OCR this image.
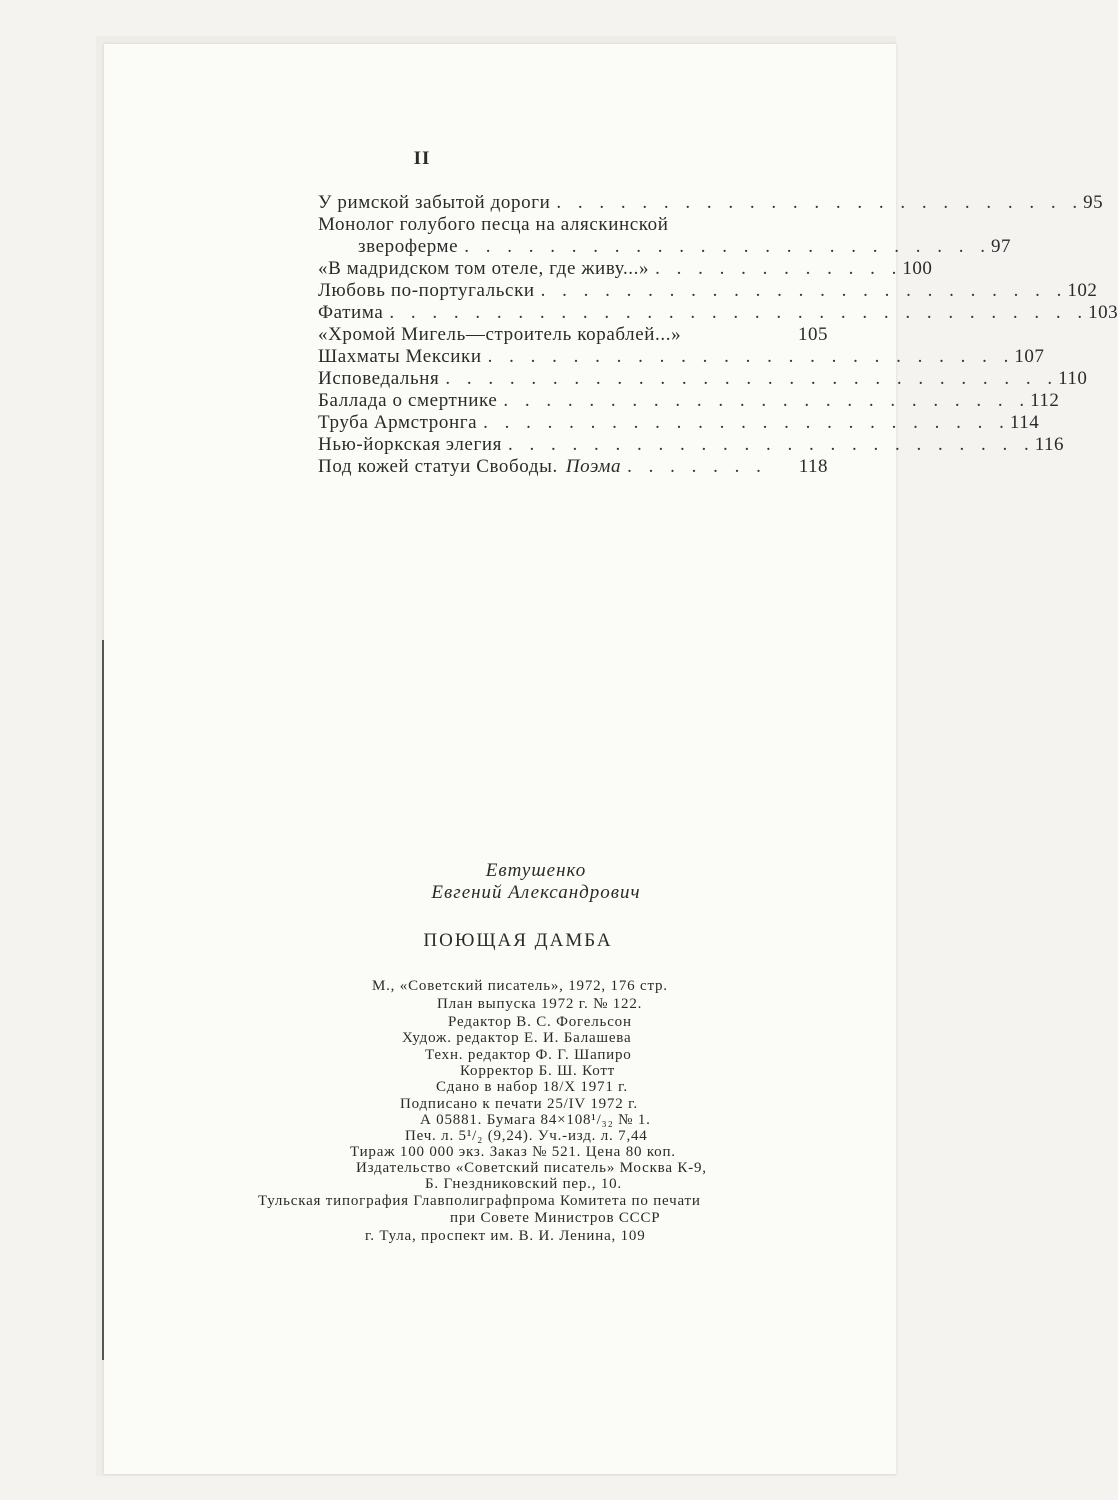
II
У римской забытой дороги . . . . . . . . . . . . . . . . . . . . . . . . . 95
Монолог голубого песца на аляскинской
звероферме . . . . . . . . . . . . . . . . . . . . . . . . . 97
«В мадридском том отеле, где живу...» . . . . . . . . . . . . 100
Любовь по-португальски . . . . . . . . . . . . . . . . . . . . . . . . . 102
Фатима . . . . . . . . . . . . . . . . . . . . . . . . . . . . . . . . . 103
«Хромой Мигель—строитель кораблей...»	105
Шахматы Мексики . . . . . . . . . . . . . . . . . . . . . . . . . 107
Исповедальня . . . . . . . . . . . . . . . . . . . . . . . . . . . . . 110
Баллада о смертнике . . . . . . . . . . . . . . . . . . . . . . . . . 112
Труба Армстронга . . . . . . . . . . . . . . . . . . . . . . . . . 114
Нью-йоркская элегия . . . . . . . . . . . . . . . . . . . . . . . . . 116
Под кожей статуи Свободы. Поэма . . . . . . .	118
Евтушенко
Евгений Александрович
ПОЮЩАЯ ДАМБА
М., «Советский писатель», 1972, 176 стр.
План выпуска 1972 г. № 122.
Редактор В. С. Фогельсон
Худож. редактор Е. И. Балашева
Техн. редактор Ф. Г. Шапиро
Корректор Б. Ш. Котт
Сдано в набор 18/X 1971 г.
Подписано к печати 25/IV 1972 г.
А 05881. Бумага 84×108¹/₃₂ № 1.
Печ. л. 5¹/₂ (9,24). Уч.-изд. л. 7,44
Тираж 100 000 экз. Заказ № 521. Цена 80 коп.
Издательство «Советский писатель» Москва К-9,
Б. Гнездниковский пер., 10.
Тульская типография Главполиграфпрома Комитета по печати
при Совете Министров СССР
г. Тула, проспект им. В. И. Ленина, 109
